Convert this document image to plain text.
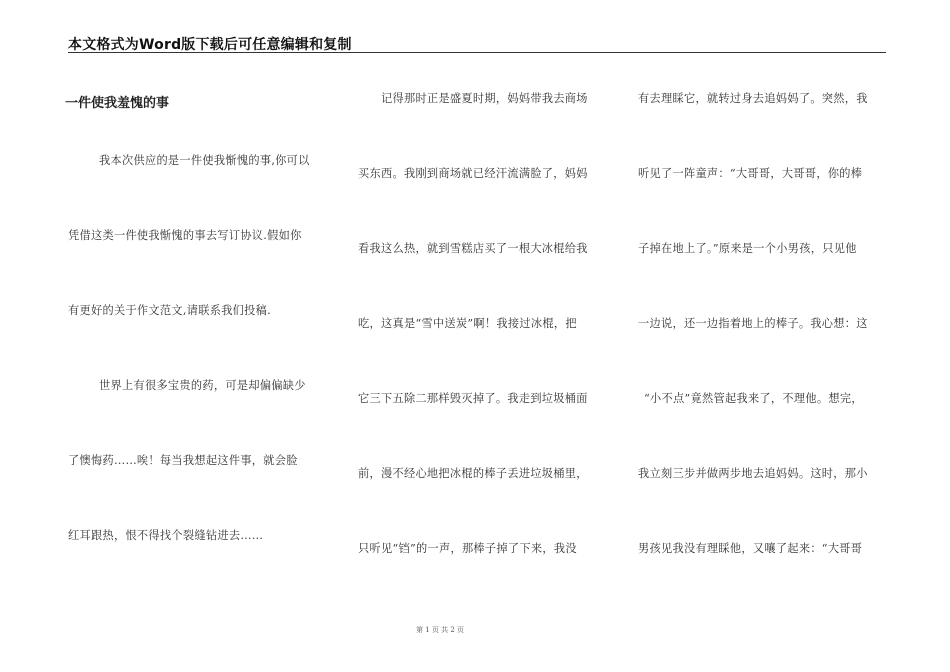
本文格式为Word版下载后可任意编辑和复制
一件使我羞愧的事
我本次供应的是一件使我惭愧的事,你可以
凭借这类一件使我惭愧的事去写订协议.假如你
有更好的关于作文范文,请联系我们投稿.
世界上有很多宝贵的药，可是却偏偏缺少
了懊悔药……唉！每当我想起这件事，就会脸
红耳跟热，恨不得找个裂缝钻进去……
记得那时正是盛夏时期，妈妈带我去商场
买东西。我刚到商场就已经汗流满脸了，妈妈
看我这么热，就到雪糕店买了一根大冰棍给我
吃，这真是“雪中送炭”啊！我接过冰棍，把
它三下五除二那样毁灭掉了。我走到垃圾桶面
前，漫不经心地把冰棍的棒子丢进垃圾桶里，
只听见“铛”的一声，那棒子掉了下来，我没
有去理睬它，就转过身去追妈妈了。突然，我
听见了一阵童声：“大哥哥，大哥哥，你的棒
子掉在地上了。”原来是一个小男孩，只见他
一边说，还一边指着地上的棒子。我心想：这
“小不点”竟然管起我来了，不理他。想完，
我立刻三步并做两步地去追妈妈。这时，那小
男孩见我没有理睬他，又嚷了起来：“大哥哥
第 1 页 共 2 页
